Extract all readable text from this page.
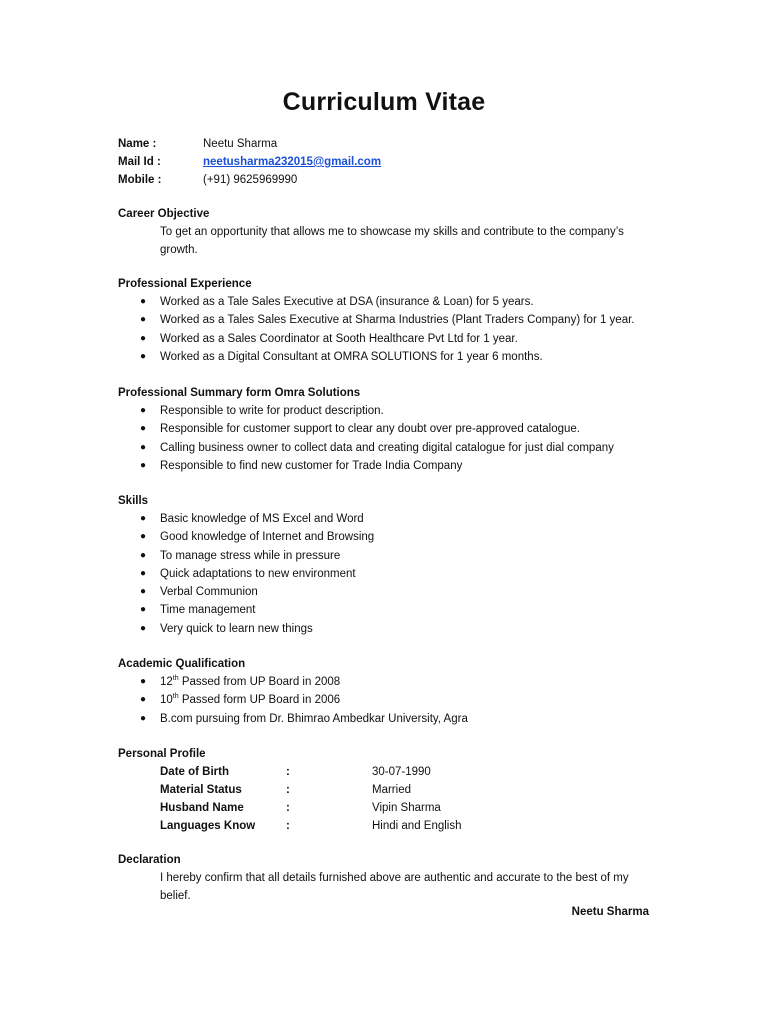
Curriculum Vitae
Name :	Neetu Sharma
Mail Id :	neetusharma232015@gmail.com
Mobile :	(+91) 9625969990
Career Objective

To get an opportunity that allows me to showcase my skills and contribute to the company’s growth.

Professional Experience
● Worked as a Tale Sales Executive at DSA (insurance & Loan) for 5 years.
● Worked as a Tales Sales Executive at Sharma Industries (Plant Traders Company) for 1 year.
● Worked as a Sales Coordinator at Sooth Healthcare Pvt Ltd for 1 year.
● Worked as a Digital Consultant at OMRA SOLUTIONS for 1 year 6 months.
Professional Summary form Omra Solutions
● Responsible to write for product description.
● Responsible for customer support to clear any doubt over pre-approved catalogue.
● Calling business owner to collect data and creating digital catalogue for just dial company
● Responsible to find new customer for Trade India Company
Skills
● Basic knowledge of MS Excel and Word
● Good knowledge of Internet and Browsing
● To manage stress while in pressure
● Quick adaptations to new environment
● Verbal Communion
● Time management
● Very quick to learn new things
Academic Qualification
● 12th Passed from UP Board in 2008
● 10th Passed form UP Board in 2006
● B.com pursuing from Dr. Bhimrao Ambedkar University, Agra
Personal Profile
Date of Birth	:	30-07-1990
Material Status	:	Married
Husband Name	:	Vipin Sharma
Languages Know	:	Hindi and English
Declaration

I hereby confirm that all details furnished above are authentic and accurate to the best of my belief.

Neetu Sharma
